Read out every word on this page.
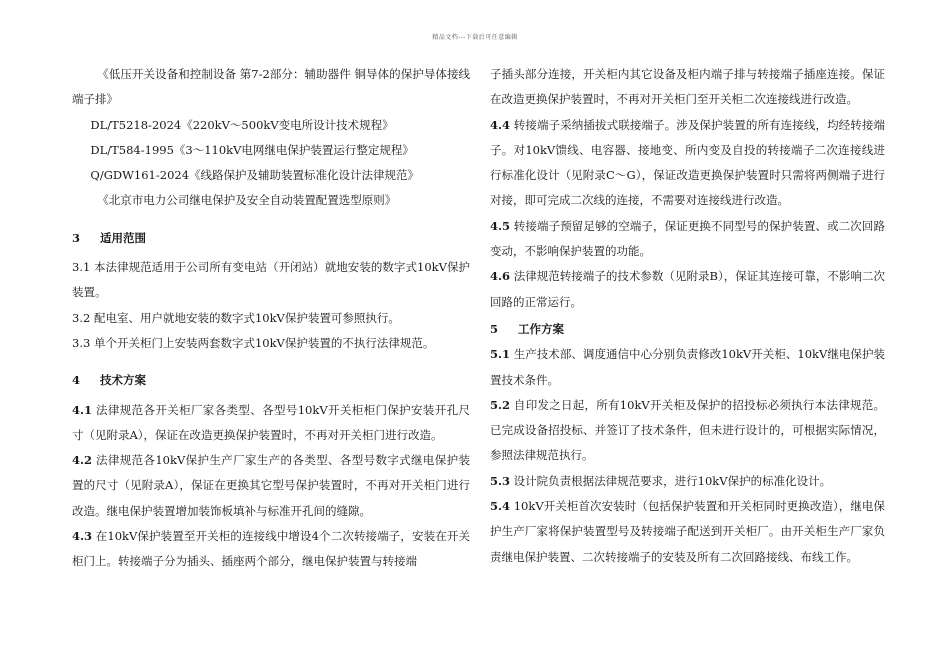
精品文档---下载后可任意编辑

《低压开关设备和控制设备 第7-2部分：辅助器件 铜导体的保护导体接线端子排》

DL/T5218-2024《220kV～500kV变电所设计技术规程》

DL/T584-1995《3～110kV电网继电保护装置运行整定规程》

Q/GDW161-2024《线路保护及辅助装置标准化设计法律规范》

《北京市电力公司继电保护及安全自动装置配置选型原则》

3 适用范围

3.1 本法律规范适用于公司所有变电站（开闭站）就地安装的数字式10kV保护装置。

3.2 配电室、用户就地安装的数字式10kV保护装置可参照执行。

3.3 单个开关柜门上安装两套数字式10kV保护装置的不执行法律规范。

4 技术方案

4.1 法律规范各开关柜厂家各类型、各型号10kV开关柜柜门保护安装开孔尺寸（见附录A），保证在改造更换保护装置时，不再对开关柜门进行改造。

4.2 法律规范各10kV保护生产厂家生产的各类型、各型号数字式继电保护装置的尺寸（见附录A），保证在更换其它型号保护装置时，不再对开关柜门进行改造。继电保护装置增加装饰板填补与标准开孔间的缝隙。

4.3 在10kV保护装置至开关柜的连接线中增设4个二次转接端子，安装在开关柜门上。转接端子分为插头、插座两个部分，继电保护装置与转接端

子插头部分连接，开关柜内其它设备及柜内端子排与转接端子插座连接。保证在改造更换保护装置时，不再对开关柜门至开关柜二次连接线进行改造。

4.4 转接端子采纳插拔式联接端子。涉及保护装置的所有连接线，均经转接端子。对10kV馈线、电容器、接地变、所内变及自投的转接端子二次连接线进行标准化设计（见附录C～G），保证改造更换保护装置时只需将两侧端子进行对接，即可完成二次线的连接，不需要对连接线进行改造。

4.5 转接端子预留足够的空端子，保证更换不同型号的保护装置、或二次回路变动，不影响保护装置的功能。

4.6 法律规范转接端子的技术参数（见附录B），保证其连接可靠，不影响二次回路的正常运行。

5 工作方案

5.1 生产技术部、调度通信中心分别负责修改10kV开关柜、10kV继电保护装置技术条件。

5.2 自印发之日起，所有10kV开关柜及保护的招投标必须执行本法律规范。已完成设备招投标、并签订了技术条件，但未进行设计的，可根据实际情况，参照法律规范执行。

5.3 设计院负责根据法律规范要求，进行10kV保护的标准化设计。

5.4 10kV开关柜首次安装时（包括保护装置和开关柜同时更换改造），继电保护生产厂家将保护装置型号及转接端子配送到开关柜厂。由开关柜生产厂家负责继电保护装置、二次转接端子的安装及所有二次回路接线、布线工作。
